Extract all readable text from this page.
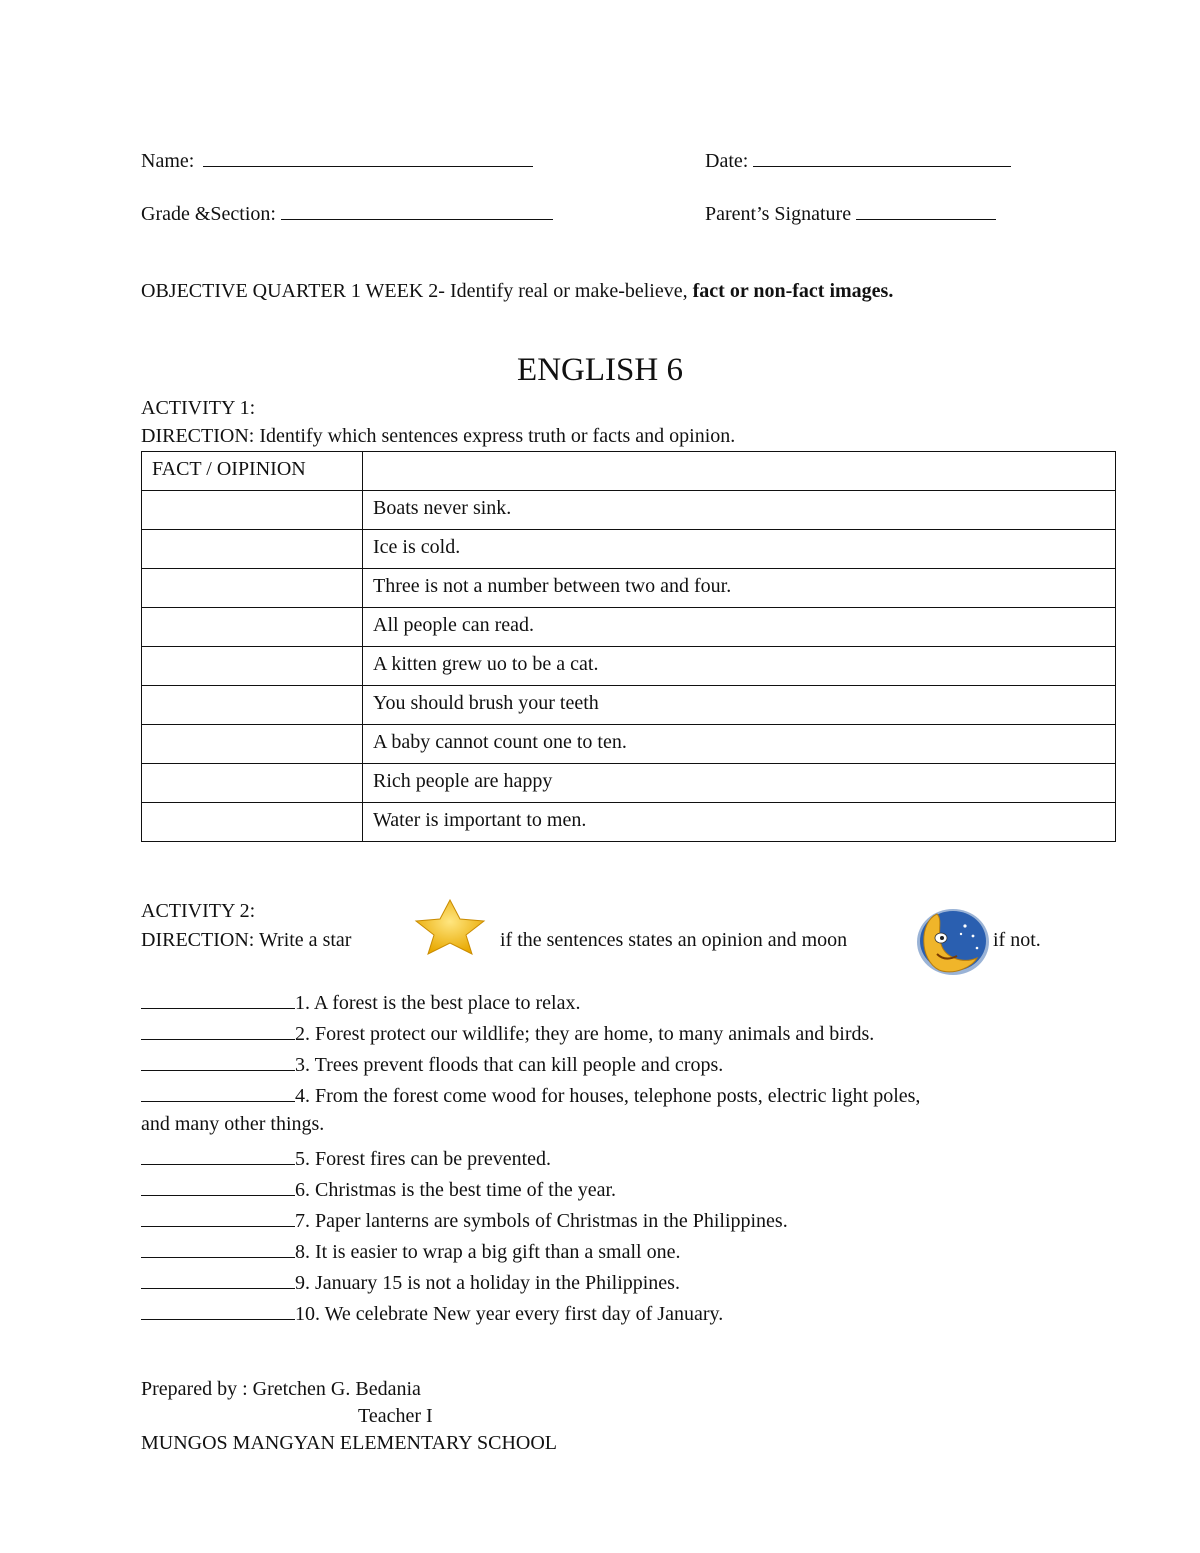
Name:	Date:
Grade &Section:	Parent’s Signature
OBJECTIVE QUARTER 1 WEEK 2- Identify real or make-believe, fact or non-fact images.
ENGLISH 6
ACTIVITY 1:
DIRECTION: Identify which sentences express truth or facts and opinion.
FACT / OIPINION	
	Boats never sink.
	Ice is cold.
	Three is not a number between two and four.
	All people can read.
	A kitten grew uo to be a cat.
	You should brush your teeth
	A baby cannot count one to ten.
	Rich people are happy
	Water is important to men.
ACTIVITY 2:
DIRECTION: Write a star	if the sentences states an opinion and moon	if not.
1. A forest is the best place to relax.
2. Forest protect our wildlife; they are home, to many animals and birds.
3. Trees prevent floods that can kill people and crops.
4. From the forest come wood for houses, telephone posts, electric light poles,
and many other things.
5. Forest fires can be prevented.
6. Christmas is the best time of the year.
7. Paper lanterns are symbols of Christmas in the Philippines.
8. It is easier to wrap a big gift than a small one.
9. January 15 is not a holiday in the Philippines.
10. We celebrate New year every first day of January.
Prepared by : Gretchen G. Bedania
Teacher I
MUNGOS MANGYAN ELEMENTARY SCHOOL
